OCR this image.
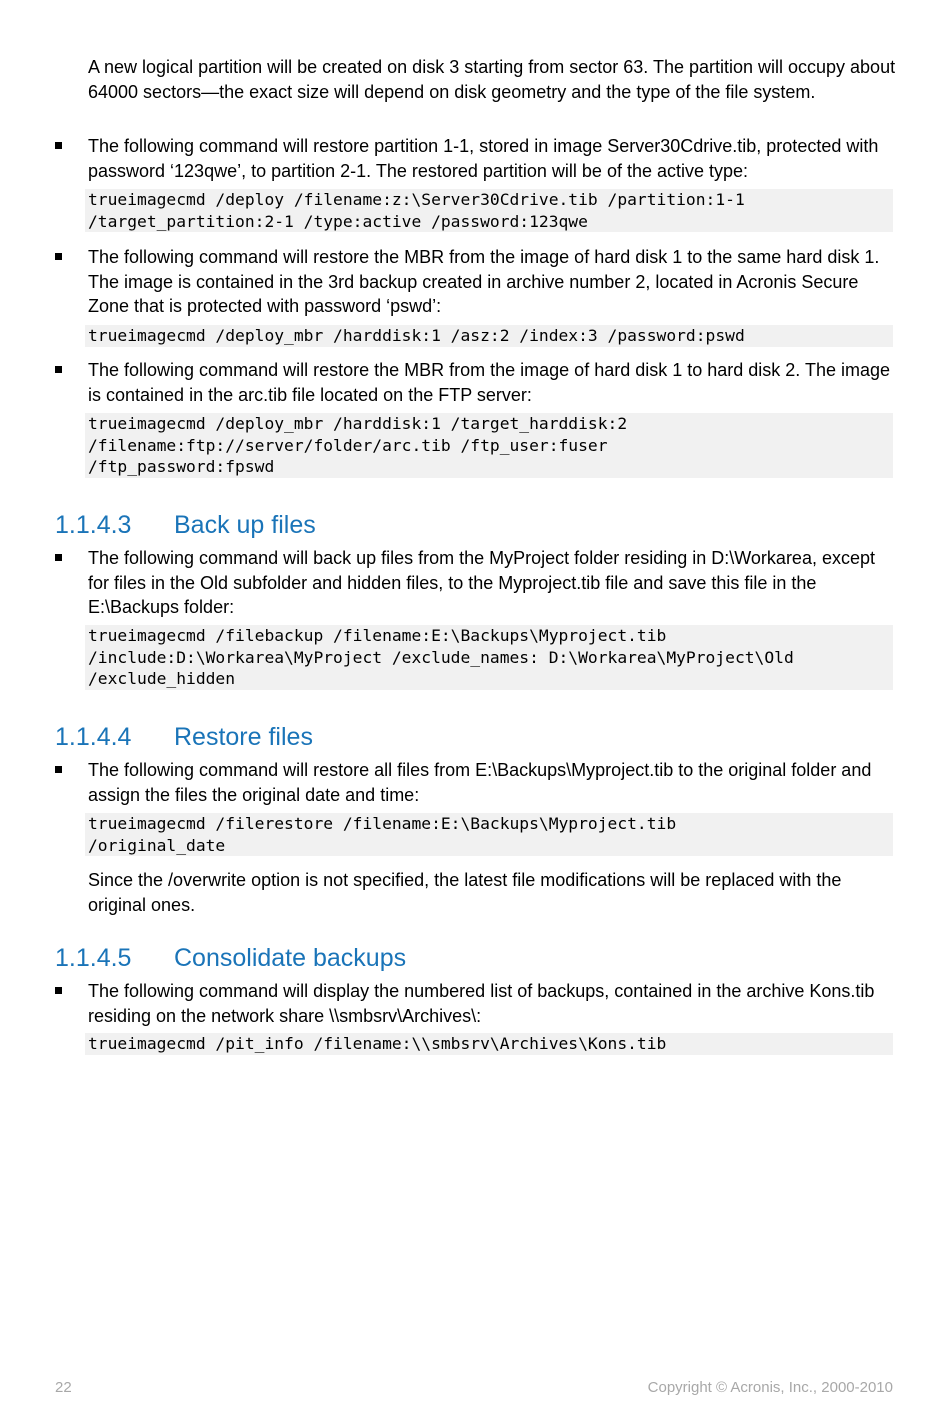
A new logical partition will be created on disk 3 starting from sector 63. The partition will occupy about 64000 sectors—the exact size will depend on disk geometry and the type of the file system.

The following command will restore partition 1-1, stored in image Server30Cdrive.tib, protected with password ‘123qwe’, to partition 2-1. The restored partition will be of the active type:

trueimagecmd /deploy /filename:z:\Server30Cdrive.tib /partition:1-1
/target_partition:2-1 /type:active /password:123qwe

The following command will restore the MBR from the image of hard disk 1 to the same hard disk 1. The image is contained in the 3rd backup created in archive number 2, located in Acronis Secure Zone that is protected with password ‘pswd’:

trueimagecmd /deploy_mbr /harddisk:1 /asz:2 /index:3 /password:pswd

The following command will restore the MBR from the image of hard disk 1 to hard disk 2. The image is contained in the arc.tib file located on the FTP server:

trueimagecmd /deploy_mbr /harddisk:1 /target_harddisk:2
/filename:ftp://server/folder/arc.tib /ftp_user:fuser
/ftp_password:fpswd
1.1.4.3 Back up files

The following command will back up files from the MyProject folder residing in D:\Workarea, except for files in the Old subfolder and hidden files, to the Myproject.tib file and save this file in the E:\Backups folder:

trueimagecmd /filebackup /filename:E:\Backups\Myproject.tib
/include:D:\Workarea\MyProject /exclude_names: D:\Workarea\MyProject\Old
/exclude_hidden
1.1.4.4 Restore files

The following command will restore all files from E:\Backups\Myproject.tib to the original folder and assign the files the original date and time:

trueimagecmd /filerestore /filename:E:\Backups\Myproject.tib
/original_date

Since the /overwrite option is not specified, the latest file modifications will be replaced with the original ones.

1.1.4.5 Consolidate backups

The following command will display the numbered list of backups, contained in the archive Kons.tib residing on the network share \\smbsrv\Archives\:

trueimagecmd /pit_info /filename:\\smbsrv\Archives\Kons.tib
22	Copyright © Acronis, Inc., 2000-2010
